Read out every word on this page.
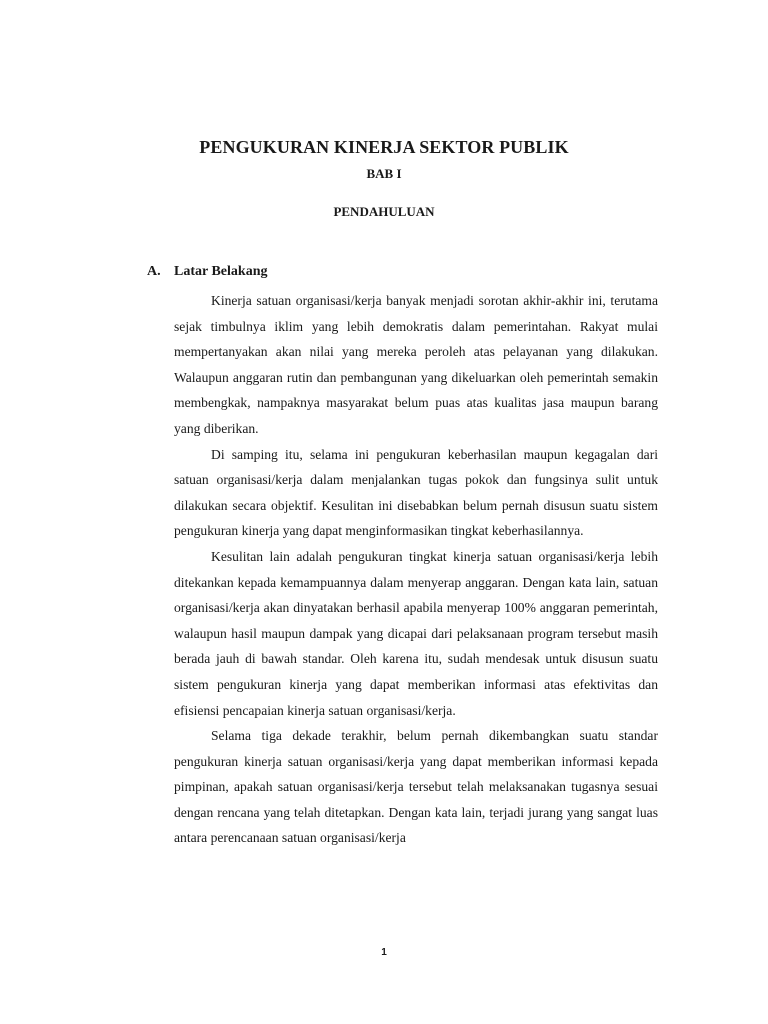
PENGUKURAN KINERJA SEKTOR PUBLIK
BAB I
PENDAHULUAN
A. Latar Belakang

Kinerja satuan organisasi/kerja banyak menjadi sorotan akhir-akhir ini, terutama sejak timbulnya iklim yang lebih demokratis dalam pemerintahan. Rakyat mulai mempertanyakan akan nilai yang mereka peroleh atas pelayanan yang dilakukan. Walaupun anggaran rutin dan pembangunan yang dikeluarkan oleh pemerintah semakin membengkak, nampaknya masyarakat belum puas atas kualitas jasa maupun barang yang diberikan.

Di samping itu, selama ini pengukuran keberhasilan maupun kegagalan dari satuan organisasi/kerja dalam menjalankan tugas pokok dan fungsinya sulit untuk dilakukan secara objektif. Kesulitan ini disebabkan belum pernah disusun suatu sistem pengukuran kinerja yang dapat menginformasikan tingkat keberhasilannya.

Kesulitan lain adalah pengukuran tingkat kinerja satuan organisasi/kerja lebih ditekankan kepada kemampuannya dalam menyerap anggaran. Dengan kata lain, satuan organisasi/kerja akan dinyatakan berhasil apabila menyerap 100% anggaran pemerintah, walaupun hasil maupun dampak yang dicapai dari pelaksanaan program tersebut masih berada jauh di bawah standar. Oleh karena itu, sudah mendesak untuk disusun suatu sistem pengukuran kinerja yang dapat memberikan informasi atas efektivitas dan efisiensi pencapaian kinerja satuan organisasi/kerja.

Selama tiga dekade terakhir, belum pernah dikembangkan suatu standar pengukuran kinerja satuan organisasi/kerja yang dapat memberikan informasi kepada pimpinan, apakah satuan organisasi/kerja tersebut telah melaksanakan tugasnya sesuai dengan rencana yang telah ditetapkan. Dengan kata lain, terjadi jurang yang sangat luas antara perencanaan satuan organisasi/kerja

1
